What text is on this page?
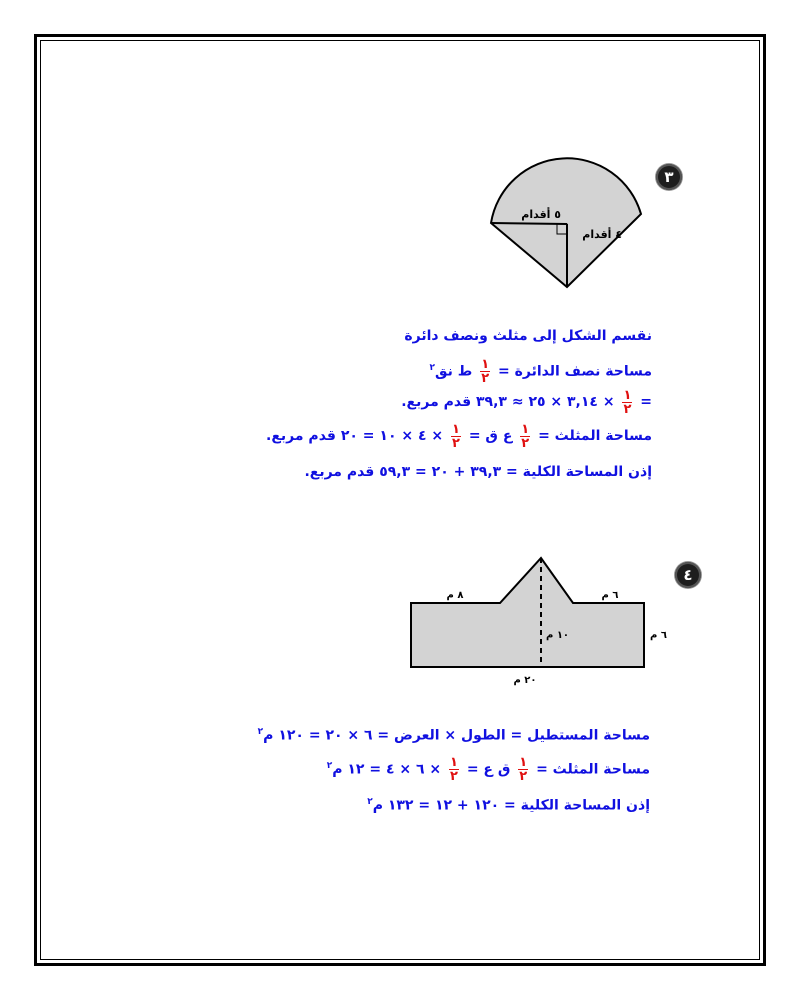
٣
٥ أقدام
٤ أقدام
نقسم الشكل إلى مثلث ونصف دائرة
مساحة نصف الدائرة =
$\frac{١}{٢}$
ط نق$^٢$
=
$\frac{١}{٢}$
× ٣,١٤ × ٢٥ ≈ ٣٩,٣ قدم مربع.
مساحة المثلث =
$\frac{١}{٢}$
ع ق =
$\frac{١}{٢}$
× ٤ × ١٠ = ٢٠ قدم مربع.
إذن المساحة الكلية = ٣٩,٣ + ٢٠ = ٥٩,٣ قدم مربع.
٤
٨ م	٦ م
٦ م
١٠ م
٢٠ م
مساحة المستطيل = الطول × العرض = ٦ × ٢٠ = ١٢٠ م$^٢$
مساحة المثلث =
$\frac{١}{٢}$
ق ع =
$\frac{١}{٢}$
× ٦ × ٤ = ١٢ م$^٢$
إذن المساحة الكلية = ١٢٠ + ١٢ = ١٣٢ م$^٢$
